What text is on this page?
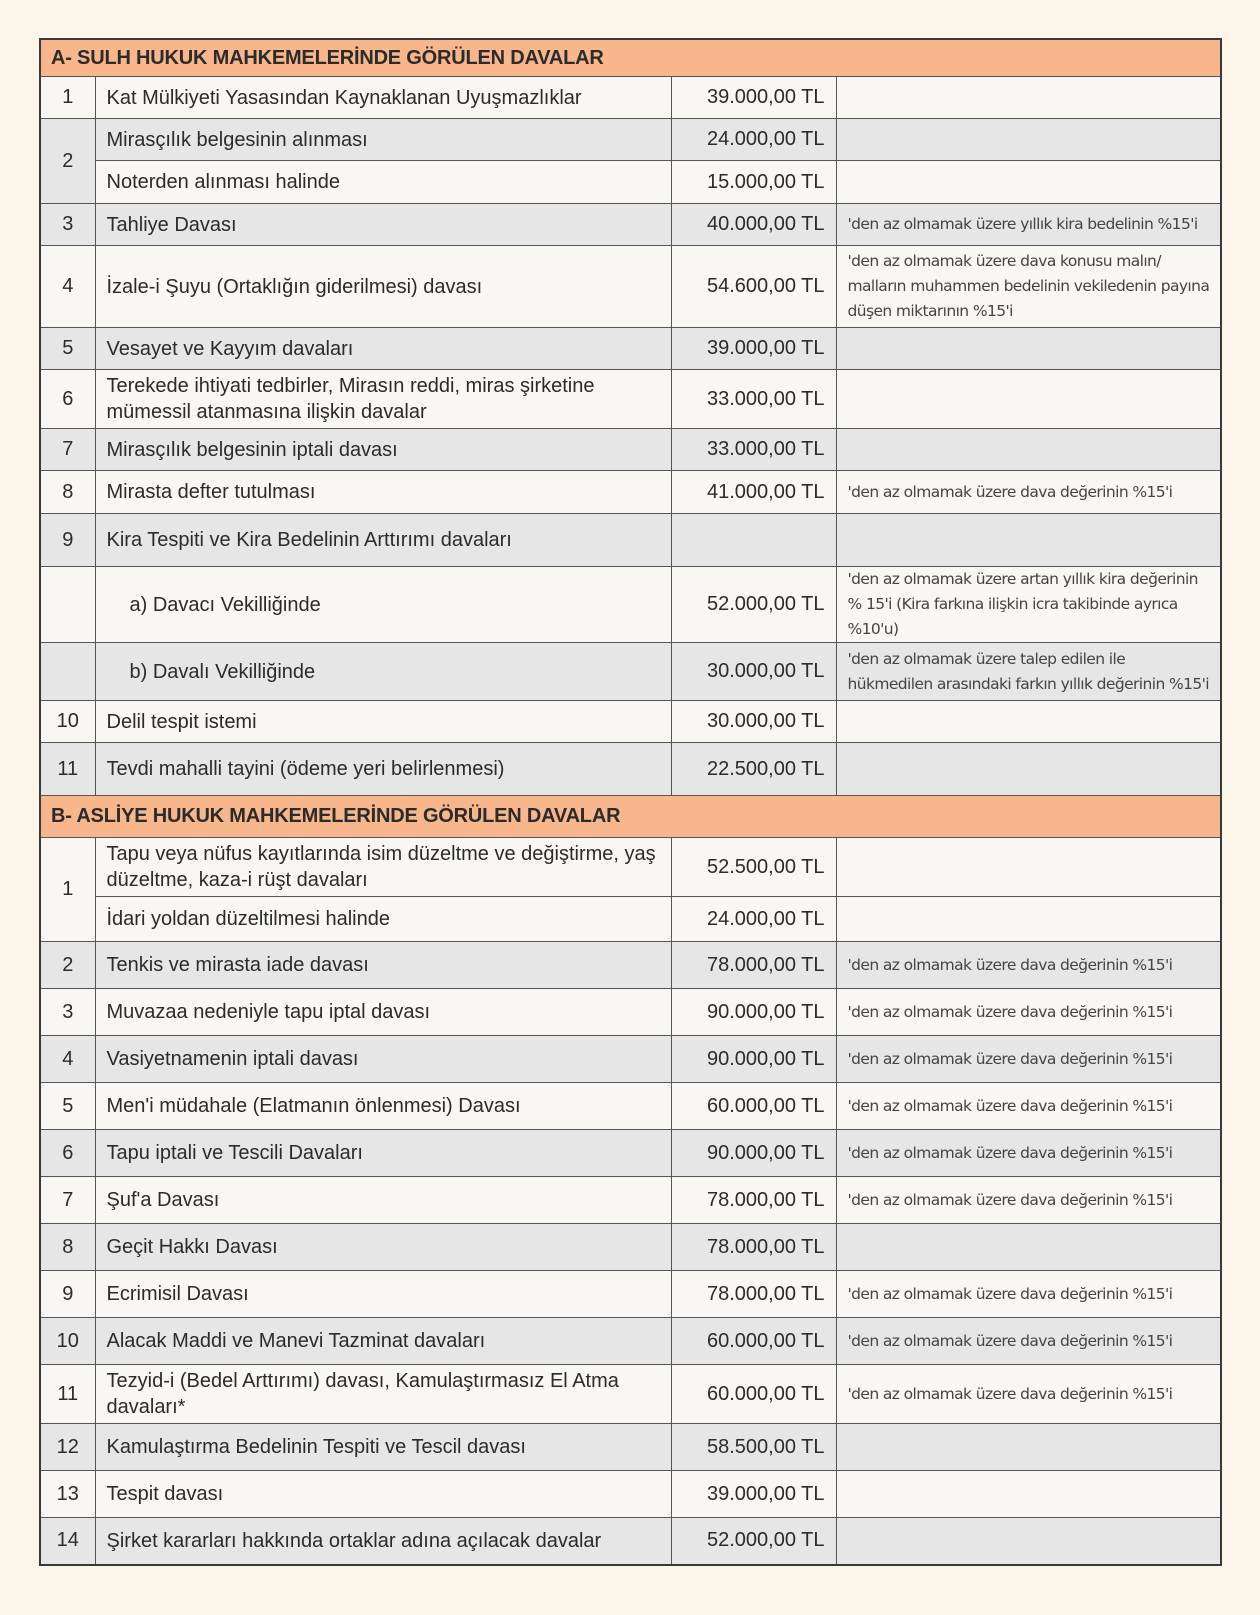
A- SULH HUKUK MAHKEMELERİNDE GÖRÜLEN DAVALAR			
1	Kat Mülkiyeti Yasasından Kaynaklanan Uyuşmazlıklar	39.000,00 TL	
2	Mirasçılık belgesinin alınması	24.000,00 TL	
	Noterden alınması halinde	15.000,00 TL	
3	Tahliye Davası	40.000,00 TL	'den az olmamak üzere yıllık kira bedelinin %15'i
4	İzale-i Şuyu (Ortaklığın giderilmesi) davası	54.600,00 TL	'den az olmamak üzere dava konusu malın/ malların muhammen bedelinin vekiledenin payına düşen miktarının %15'i
5	Vesayet ve Kayyım davaları	39.000,00 TL	
6	Terekede ihtiyati tedbirler, Mirasın reddi, miras şirketine mümessil atanmasına ilişkin davalar	33.000,00 TL	
7	Mirasçılık belgesinin iptali davası	33.000,00 TL	
8	Mirasta defter tutulması	41.000,00 TL	'den az olmamak üzere dava değerinin %15'i
9	Kira Tespiti ve Kira Bedelinin Arttırımı davaları		
	a) Davacı Vekilliğinde	52.000,00 TL	'den az olmamak üzere artan yıllık kira değerinin % 15'i (Kira farkına ilişkin icra takibinde ayrıca %10'u)
	b) Davalı Vekilliğinde	30.000,00 TL	'den az olmamak üzere talep edilen ile hükmedilen arasındaki farkın yıllık değerinin %15'i
10	Delil tespit istemi	30.000,00 TL	
11	Tevdi mahalli tayini (ödeme yeri belirlenmesi)	22.500,00 TL	
B- ASLİYE HUKUK MAHKEMELERİNDE GÖRÜLEN DAVALAR			
1	Tapu veya nüfus kayıtlarında isim düzeltme ve değiştirme, yaş düzeltme, kaza-i rüşt davaları	52.500,00 TL	
	İdari yoldan düzeltilmesi halinde	24.000,00 TL	
2	Tenkis ve mirasta iade davası	78.000,00 TL	'den az olmamak üzere dava değerinin %15'i
3	Muvazaa nedeniyle tapu iptal davası	90.000,00 TL	'den az olmamak üzere dava değerinin %15'i
4	Vasiyetnamenin iptali davası	90.000,00 TL	'den az olmamak üzere dava değerinin %15'i
5	Men'i müdahale (Elatmanın önlenmesi) Davası	60.000,00 TL	'den az olmamak üzere dava değerinin %15'i
6	Tapu iptali ve Tescili Davaları	90.000,00 TL	'den az olmamak üzere dava değerinin %15'i
7	Şuf'a Davası	78.000,00 TL	'den az olmamak üzere dava değerinin %15'i
8	Geçit Hakkı Davası	78.000,00 TL	
9	Ecrimisil Davası	78.000,00 TL	'den az olmamak üzere dava değerinin %15'i
10	Alacak Maddi ve Manevi Tazminat davaları	60.000,00 TL	'den az olmamak üzere dava değerinin %15'i
11	Tezyid-i (Bedel Arttırımı) davası, Kamulaştırmasız El Atma davaları*	60.000,00 TL	'den az olmamak üzere dava değerinin %15'i
12	Kamulaştırma Bedelinin Tespiti ve Tescil davası	58.500,00 TL	
13	Tespit davası	39.000,00 TL	
14	Şirket kararları hakkında ortaklar adına açılacak davalar	52.000,00 TL	
